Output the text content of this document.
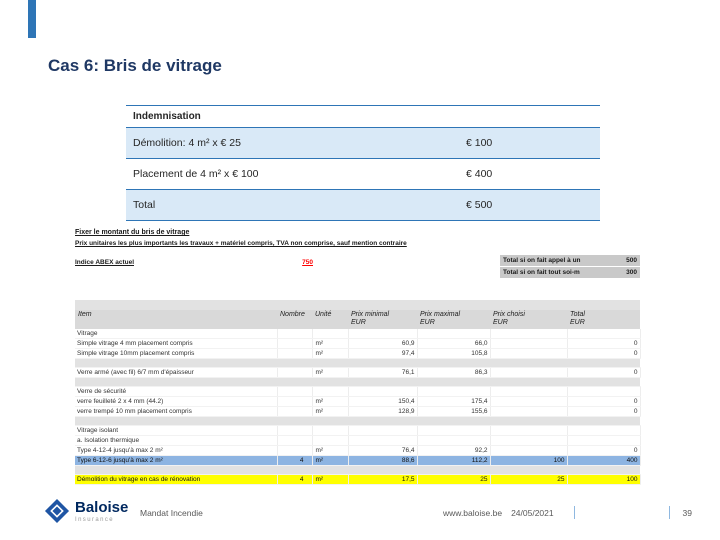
Cas 6: Bris de vitrage
Indemnisation	
Démolition: 4 m² x € 25	€ 100
Placement de 4 m² x € 100	€ 400
Total	€ 500
Fixer le montant du bris de vitrage
Prix unitaires les plus importants les travaux + matériel compris, TVA non comprise, sauf mention contraire
Indice ABEX actuel	750	Total si on fait appel à un	500
Total si on fait tout soi-m	300
Item	Nombre	Unité	Prix minimal	Prix maximal	Prix choisi	Total
			EUR	EUR	EUR	EUR
Vitrage						
Simple vitrage 4 mm placement compris		m²	60,9	66,0		0
Simple vitrage 10mm placement compris		m²	97,4	105,8		0

Verre armé (avec fil) 6/7 mm d'épaisseur		m²	76,1	86,3		0

Verre de sécurité						
verre feuilleté 2 x 4 mm (44.2)		m²	150,4	175,4		0
verre trempé 10 mm placement compris		m²	128,9	155,6		0

Vitrage isolant						
a. Isolation thermique						
Type 4-12-4 jusqu'à max 2 m²		m²	76,4	92,2		0
Type 6-12-6 jusqu'à max 2 m²	4	m²	88,6	112,2	100	400

Démolition du vitrage en cas de rénovation	4	m²	17,5	25	25	100
Baloise
Insurance
Mandat Incendie	www.baloise.be 24/05/2021	39
